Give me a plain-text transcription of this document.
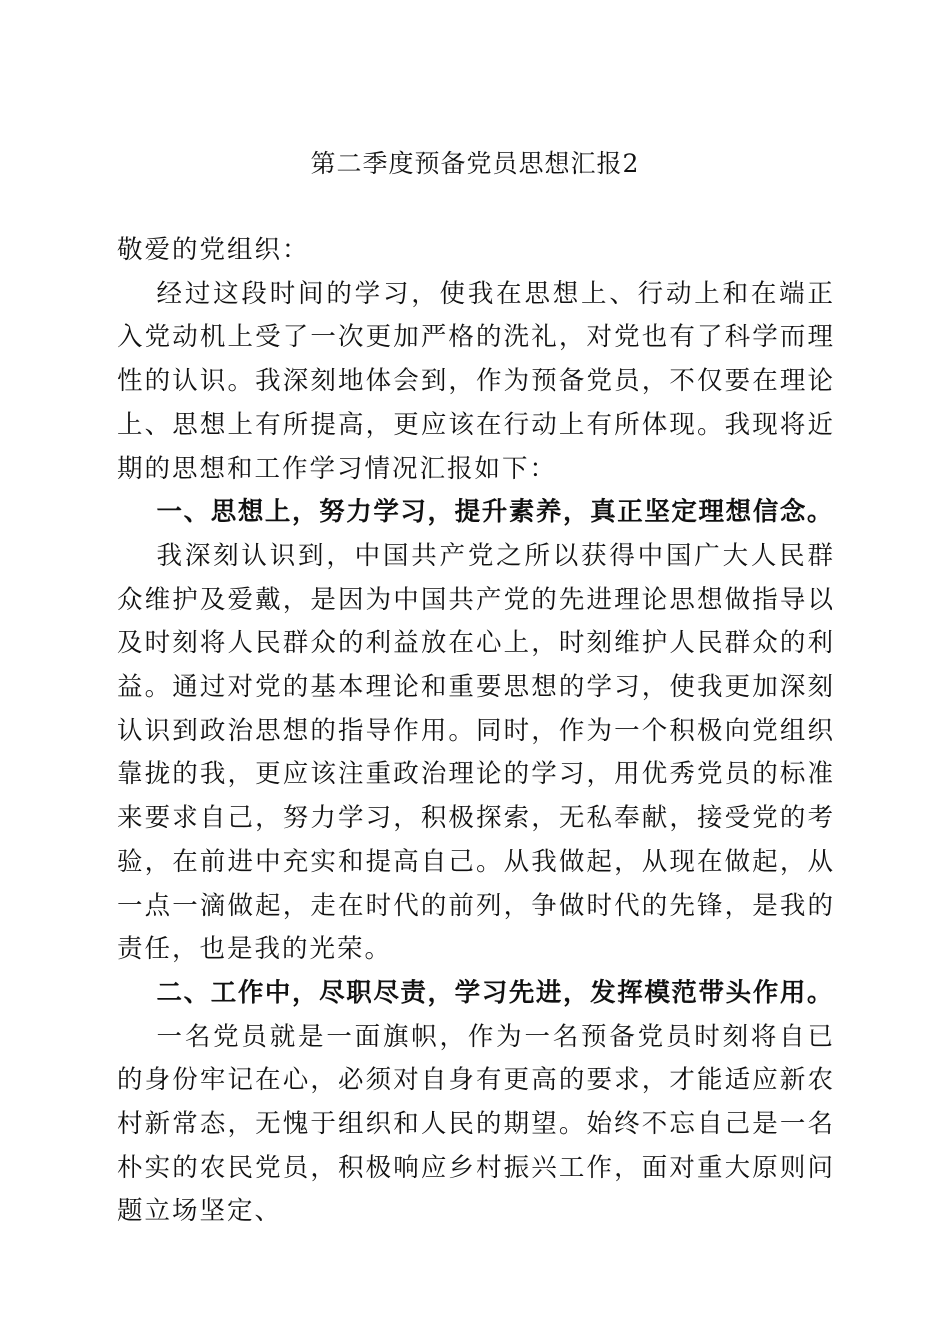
第二季度预备党员思想汇报2

敬爱的党组织：

经过这段时间的学习，使我在思想上、行动上和在端正入党动机上受了一次更加严格的洗礼，对党也有了科学而理性的认识。我深刻地体会到，作为预备党员，不仅要在理论上、思想上有所提高，更应该在行动上有所体现。我现将近期的思想和工作学习情况汇报如下：

一、思想上，努力学习，提升素养，真正坚定理想信念。

我深刻认识到，中国共产党之所以获得中国广大人民群众维护及爱戴，是因为中国共产党的先进理论思想做指导以及时刻将人民群众的利益放在心上，时刻维护人民群众的利益。通过对党的基本理论和重要思想的学习，使我更加深刻认识到政治思想的指导作用。同时，作为一个积极向党组织靠拢的我，更应该注重政治理论的学习，用优秀党员的标准来要求自己，努力学习，积极探索，无私奉献，接受党的考验，在前进中充实和提高自己。从我做起，从现在做起，从一点一滴做起，走在时代的前列，争做时代的先锋，是我的责任，也是我的光荣。

二、工作中，尽职尽责，学习先进，发挥模范带头作用。

一名党员就是一面旗帜，作为一名预备党员时刻将自已的身份牢记在心，必须对自身有更高的要求，才能适应新农村新常态，无愧于组织和人民的期望。始终不忘自己是一名朴实的农民党员，积极响应乡村振兴工作，面对重大原则问题立场坚定、
